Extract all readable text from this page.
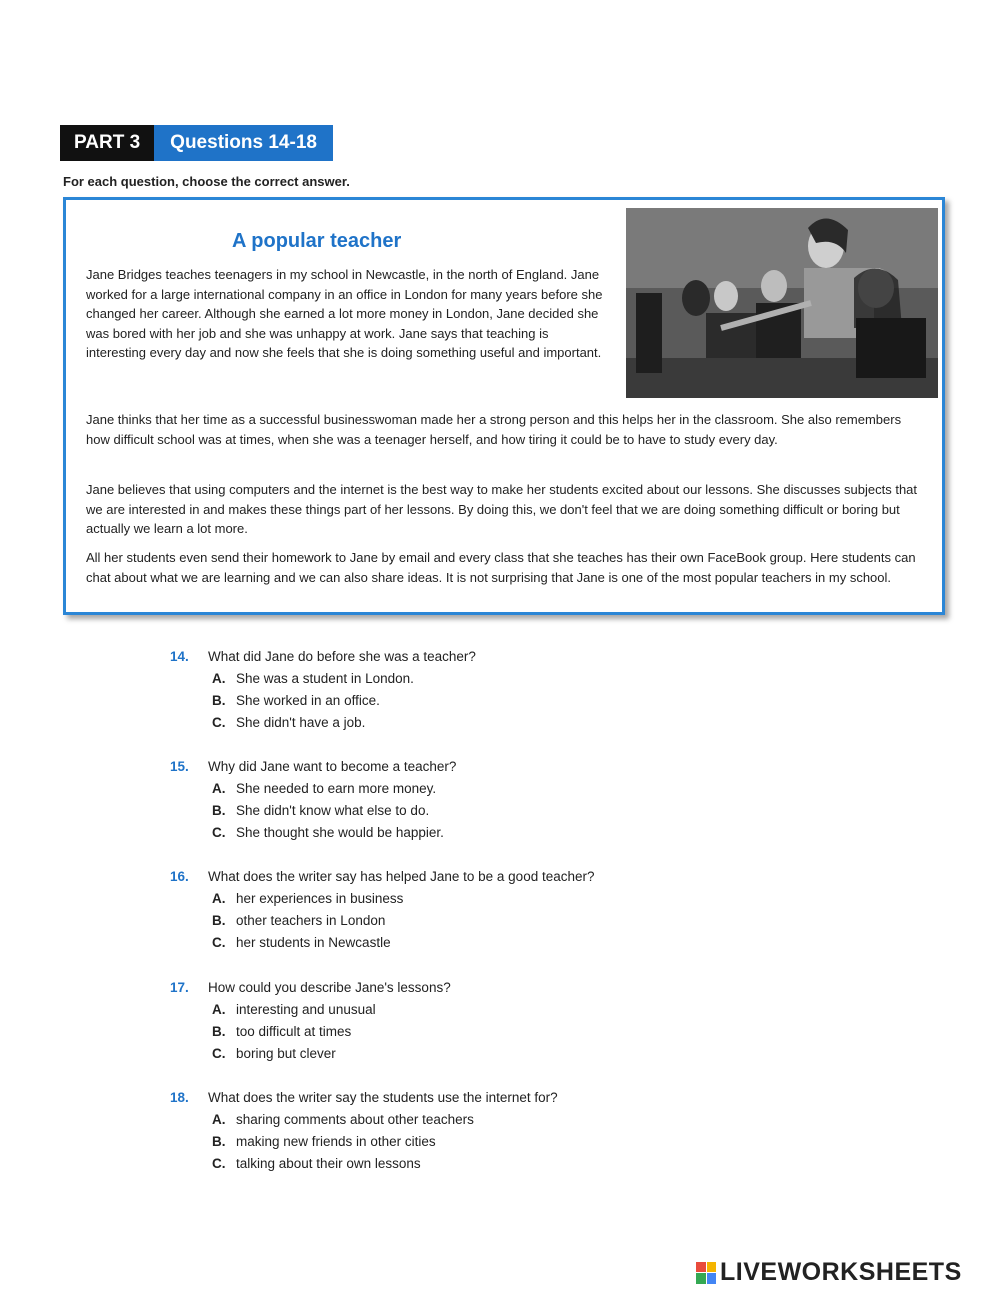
PART 3	Questions 14-18
For each question, choose the correct answer.
A popular teacher

Jane Bridges teaches teenagers in my school in Newcastle, in the north of England. Jane worked for a large international company in an office in London for many years before she changed her career. Although she earned a lot more money in London, Jane decided she was bored with her job and she was unhappy at work. Jane says that teaching is interesting every day and now she feels that she is doing something useful and important.

Jane thinks that her time as a successful businesswoman made her a strong person and this helps her in the classroom. She also remembers how difficult school was at times, when she was a teenager herself, and how tiring it could be to have to study every day.

Jane believes that using computers and the internet is the best way to make her students excited about our lessons. She discusses subjects that we are interested in and makes these things part of her lessons. By doing this, we don't feel that we are doing something difficult or boring but actually we learn a lot more.

All her students even send their homework to Jane by email and every class that she teaches has their own FaceBook group. Here students can chat about what we are learning and we can also share ideas. It is not surprising that Jane is one of the most popular teachers in my school.

14. What did Jane do before she was a teacher?
A. She was a student in London.
B. She worked in an office.
C. She didn't have a job.
15. Why did Jane want to become a teacher?
A. She needed to earn more money.
B. She didn't know what else to do.
C. She thought she would be happier.
16. What does the writer say has helped Jane to be a good teacher?
A. her experiences in business
B. other teachers in London
C. her students in Newcastle
17. How could you describe Jane's lessons?
A. interesting and unusual
B. too difficult at times
C. boring but clever
18. What does the writer say the students use the internet for?
A. sharing comments about other teachers
B. making new friends in other cities
C. talking about their own lessons
LIVEWORKSHEETS
